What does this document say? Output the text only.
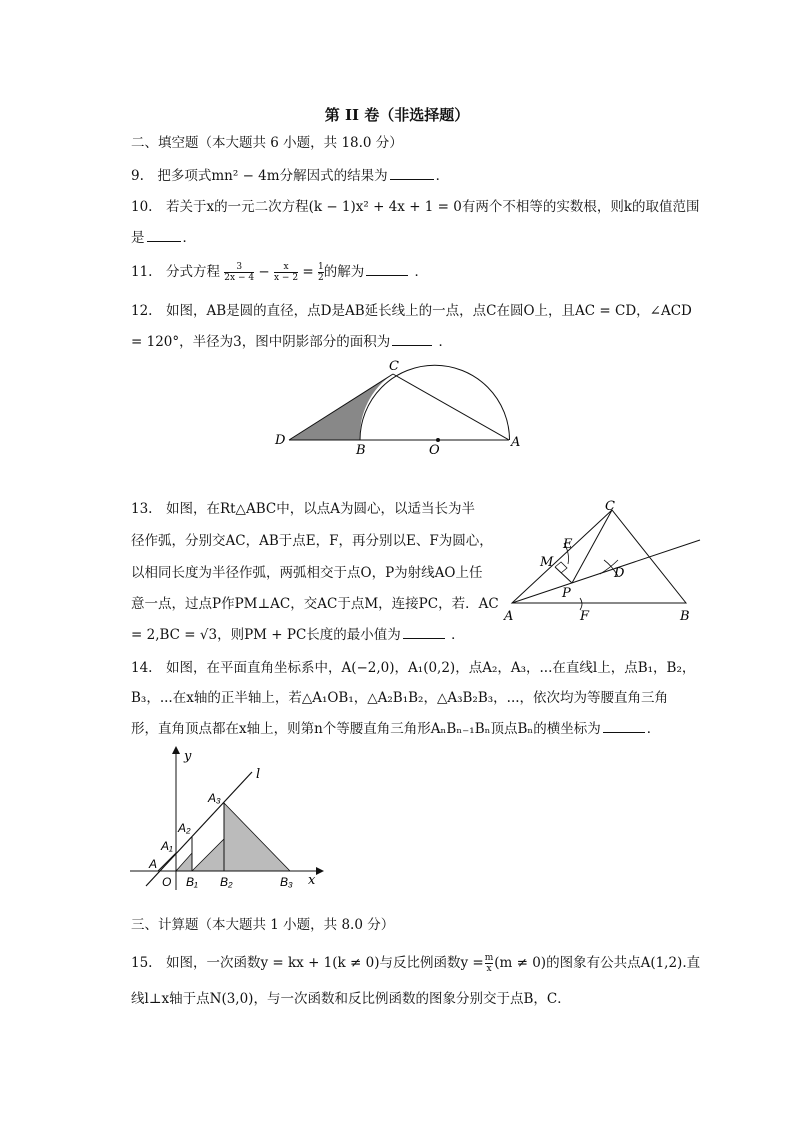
第 II 卷（非选择题）
二、填空题（本大题共 6 小题，共 18.0 分）
9.　把多项式mn² − 4m分解因式的结果为	．
10.　若关于x的一元二次方程(k − 1)x² + 4x + 1 = 0有两个不相等的实数根，则k的取值范围
是	．
11.　分式方程 $\frac{3}{2x - 4} - \frac{x}{x - 2} = \frac{1}{2}$ 的解为	．
12.　如图，AB是圆的直径，点D是AB延长线上的一点，点C在圆O上，且AC = CD，∠ACD
= 120°，半径为3，图中阴影部分的面积为	．
D
B	O
A
C
13.　如图，在Rt△ABC中，以点A为圆心，以适当长为半
径作弧，分别交AC，AB于点E，F，再分别以E、F为圆心，
以相同长度为半径作弧，两弧相交于点O，P为射线AO上任
意一点，过点P作PM⊥AC，交AC于点M，连接PC，若．AC
= 2,BC = √3，则PM + PC长度的最小值为	．
C
E
M
D
P
A	F	B
14.　如图，在平面直角坐标系中，A(−2,0)，A₁(0,2)，点A₂，A₃，...在直线l上，点B₁，B₂，
B₃，...在x轴的正半轴上，若△A₁OB₁，△A₂B₁B₂，△A₃B₂B₃，...，依次均为等腰直角三角
形，直角顶点都在x轴上，则第n个等腰直角三角形AₙBₙ₋₁Bₙ顶点Bₙ的横坐标为	．
y
l
A₃
A₂
A₁
A
O B₁ B₂	B₃ x
三、计算题（本大题共 1 小题，共 8.0 分）
15.　如图，一次函数y = kx + 1(k ≠ 0)与反比例函数$y = \frac{m}{x} (m \ne 0)$的图象有公共点A(1,2).直
线l⊥x轴于点N(3,0)，与一次函数和反比例函数的图象分别交于点B，C．
